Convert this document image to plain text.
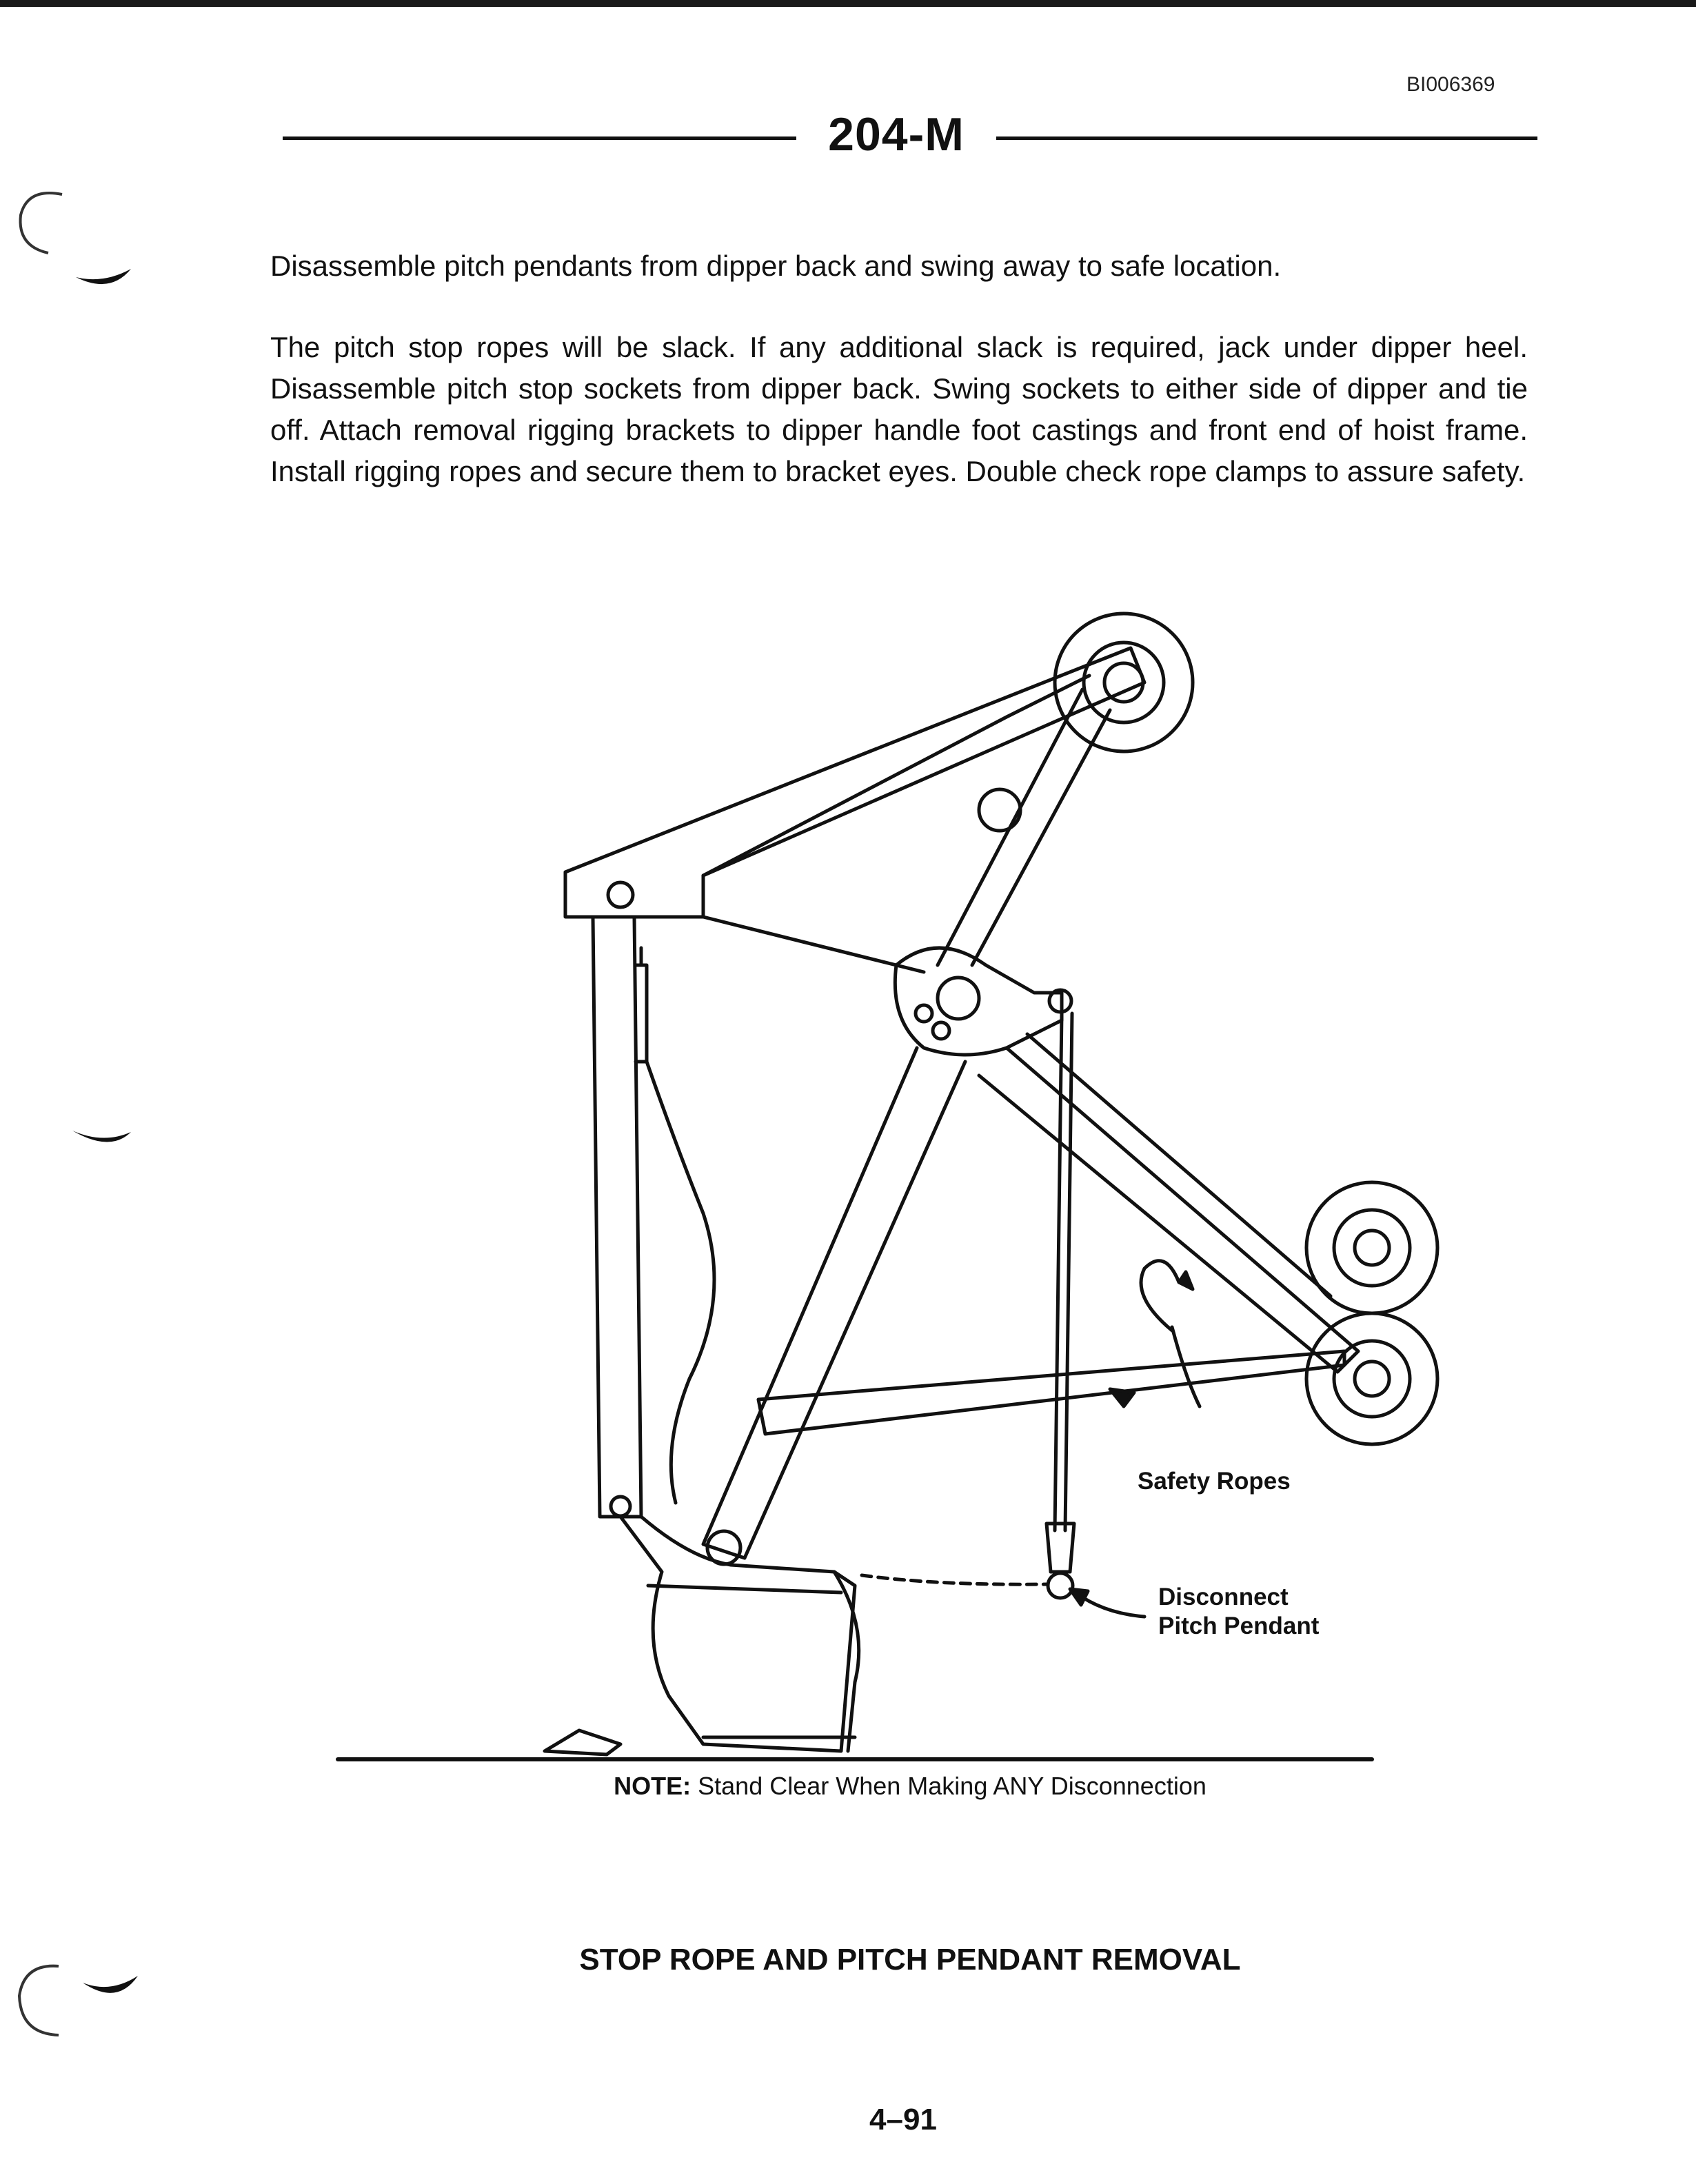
BI006369
204-M

Disassemble pitch pendants from dipper back and swing away to safe location.

The pitch stop ropes will be slack. If any additional slack is required, jack under dipper heel. Disassemble pitch stop sockets from dipper back. Swing sockets to either side of dipper and tie off. Attach removal rigging brackets to dipper handle foot castings and front end of hoist frame. Install rigging ropes and secure them to bracket eyes. Double check rope clamps to assure safety.

Safety Ropes
Disconnect
Pitch Pendant
NOTE: Stand Clear When Making ANY Disconnection
STOP ROPE AND PITCH PENDANT REMOVAL
4–91
